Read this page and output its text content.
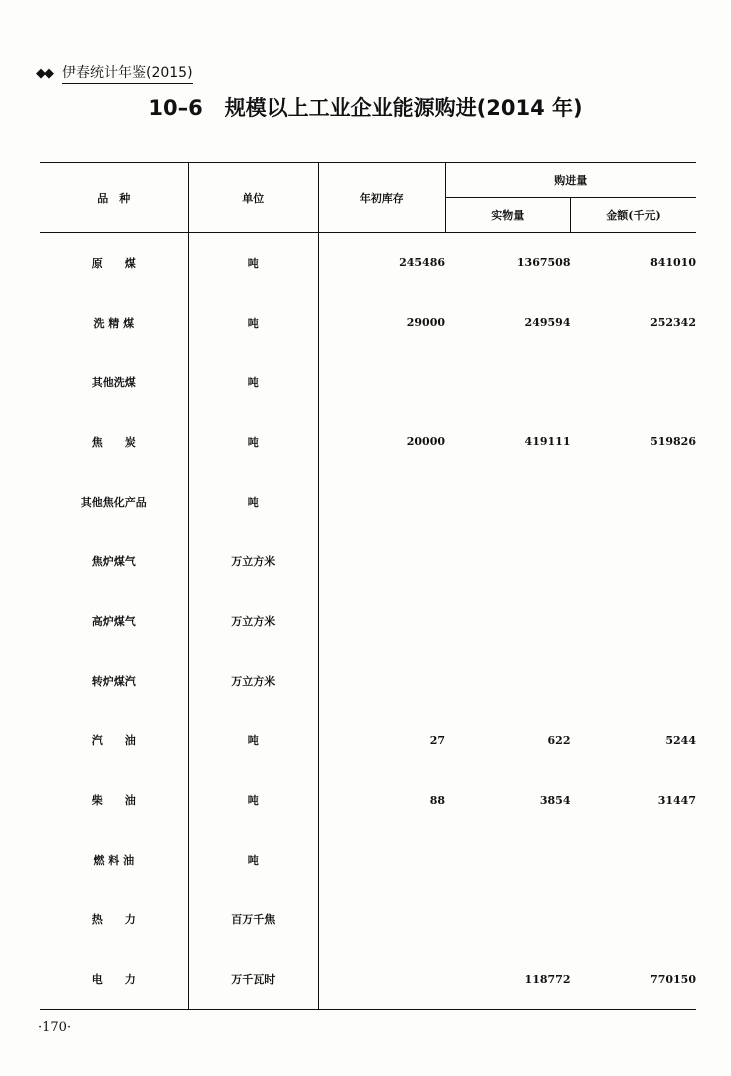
◆◆ 伊春统计年鉴(2015)
10–6 规模以上工业企业能源购进(2014 年)
品　种	单位	年初库存	购进量	
			实物量	金额(千元)
原　　煤	吨	245486	1367508	841010
洗 精 煤	吨	29000	249594	252342
其他洗煤	吨			
焦　　炭	吨	20000	419111	519826
其他焦化产品	吨			
焦炉煤气	万立方米			
高炉煤气	万立方米			
转炉煤汽	万立方米			
汽　　油	吨	27	622	5244
柴　　油	吨	88	3854	31447
燃 料 油	吨			
热　　力	百万千焦			
电　　力	万千瓦时		118772	770150
·170·
